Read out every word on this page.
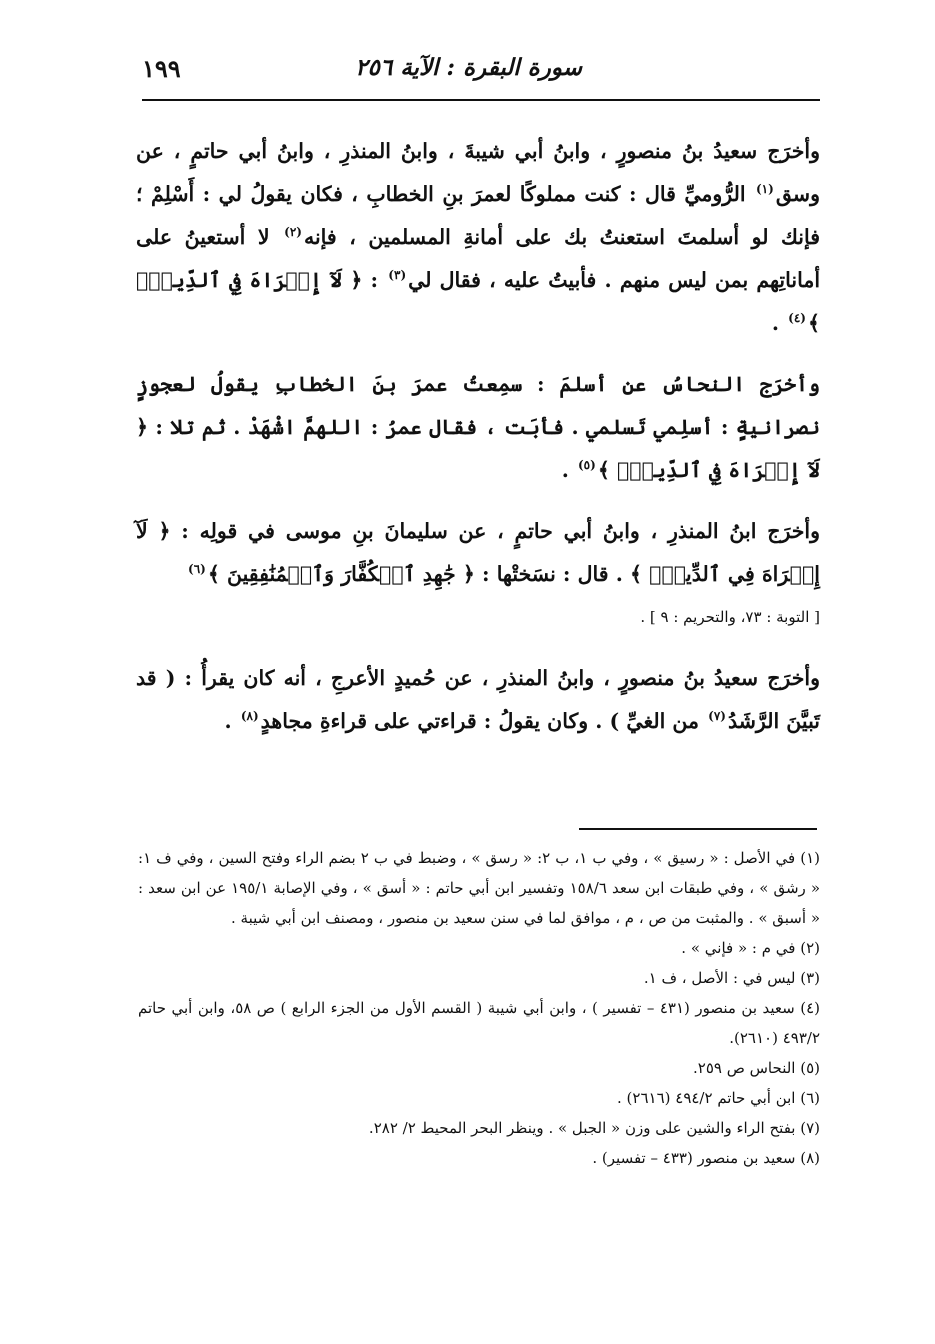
١٩٩	سورة البقرة : الآية ٢٥٦

وأخرَج سعيدُ بنُ منصورٍ ، وابنُ أبي شيبةَ ، وابنُ المنذرِ ، وابنُ أبي حاتمٍ ، عن وسق$^{(١)}$ الرُّوميِّ قال : كنت مملوكًا لعمرَ بنِ الخطابِ ، فكان يقولُ لي : أَسْلِمْ ؛ فإنك لو أسلمتَ استعنتُ بك على أمانةِ المسلمين ، فإنه$^{(٢)}$ لا أستعينُ على أماناتِهم بمن ليس منهم . فأبيتُ عليه ، فقال لي$^{(٣)}$ : ﴿ لَآ إِكۡرَاهَ فِي ٱلدِّينِۖ ﴾$^{(٤)}$ .

وأخرَج النحاسُ عن أسلمَ : سمِعتُ عمرَ بنَ الخطابِ يقولُ لعجوزٍ نصرانيةٍ : أسلِمي تَسلمي . فأبَت ، فقال عمرُ : اللهمَّ اشْهَدْ . ثم تلا : ﴿ لَآ إِكۡرَاهَ فِي ٱلدِّينِۖ ﴾$^{(٥)}$ .

وأخرَج ابنُ المنذرِ ، وابنُ أبي حاتمٍ ، عن سليمانَ بنِ موسى في قولِه : ﴿ لَآ إِكۡرَاهَ فِي ٱلدِّينِۖ ﴾ . قال : نسَختْها : ﴿ جَٰهِدِ ٱلۡكُفَّارَ وَٱلۡمُنَٰفِقِينَ ﴾$^{(٦)}$

[ التوبة : ٧٣، والتحريم : ٩ ] .

وأخرَج سعيدُ بنُ منصورٍ ، وابنُ المنذرِ ، عن حُميدٍ الأعرجِ ، أنه كان يقرأُ : ( قد تَبيَّنَ الرَّشَدُ$^{(٧)}$ من الغيِّ ) . وكان يقولُ : قراءتي على قراءةِ مجاهدٍ$^{(٨)}$ .

(١) في الأصل : « رسيق » ، وفي ب ١، ب ٢: « رسق » ، وضبط في ب ٢ بضم الراء وفتح السين ، وفي ف ١: « رشق » ، وفي طبقات ابن سعد ١٥٨/٦ وتفسير ابن أبي حاتم : « أسق » ، وفي الإصابة ١٩٥/١ عن ابن سعد : « أسبق » . والمثبت من ص ، م ، موافق لما في سنن سعيد بن منصور ، ومصنف ابن أبي شيبة .

(٢) في م : « فإني » .

(٣) ليس في : الأصل ، ف ١.

(٤) سعيد بن منصور (٤٣١ – تفسير ) ، وابن أبي شيبة ( القسم الأول من الجزء الرابع ) ص ٥٨، وابن أبي حاتم ٤٩٣/٢ (٢٦١٠).

(٥) النحاس ص ٢٥٩.

(٦) ابن أبي حاتم ٤٩٤/٢ (٢٦١٦) .

(٧) بفتح الراء والشين على وزن « الجبل » . وينظر البحر المحيط ٢/ ٢٨٢.

(٨) سعيد بن منصور (٤٣٣ – تفسير) .
